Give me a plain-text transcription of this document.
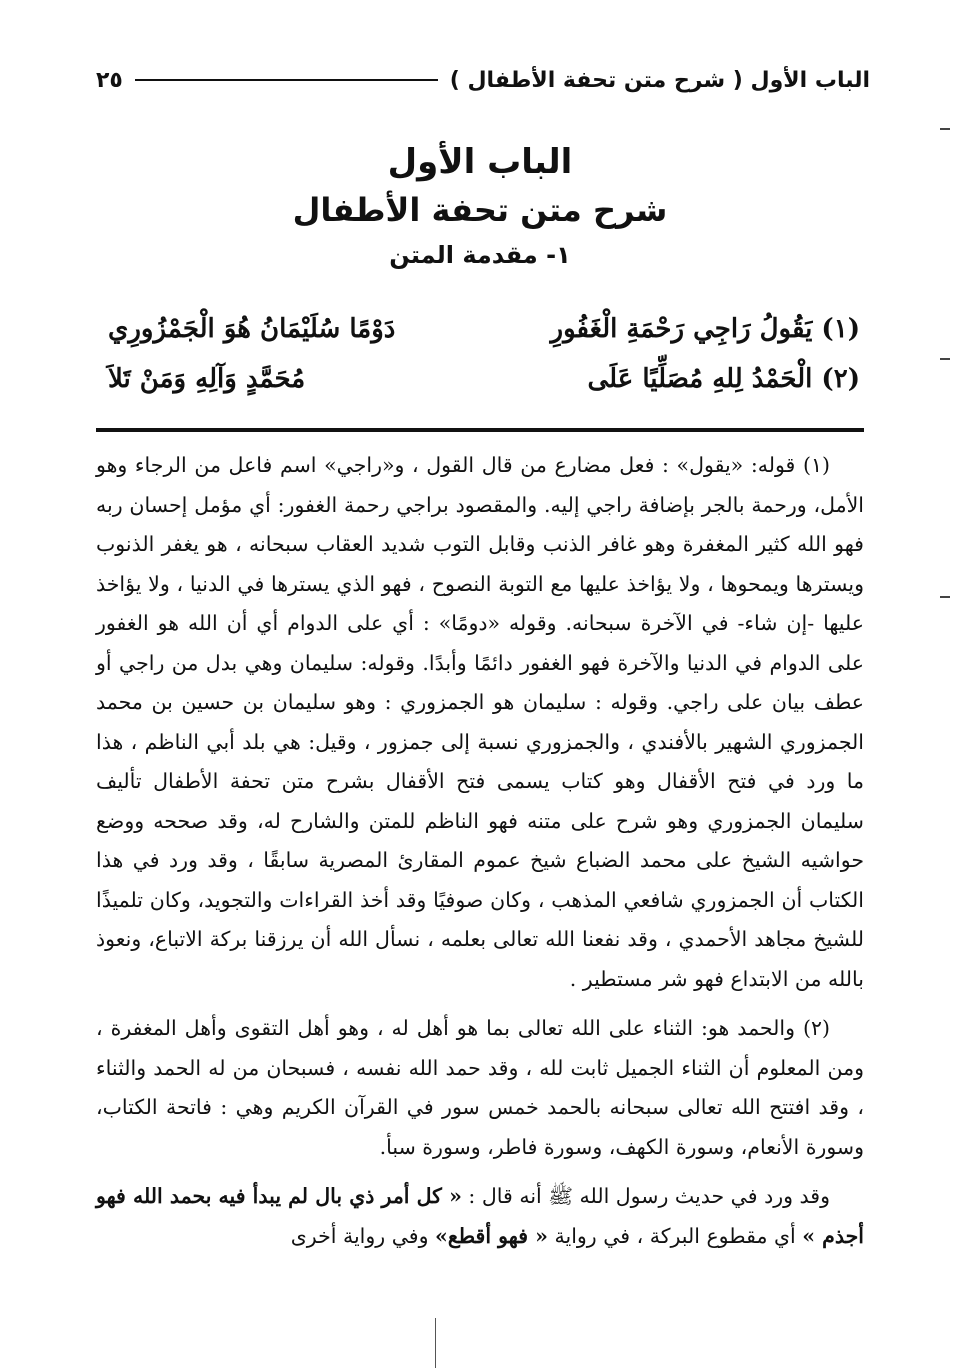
الباب الأول ( شرح متن تحفة الأطفال )
٢٥
الباب الأول
شرح متن تحفة الأطفال
١- مقدمة المتن
(١) يَقُولُ رَاجِي رَحْمَةِ الْغَفُورِ
دَوْمًا سُلَيْمَانُ هُوَ الْجَمْزُورِي
(٢) الْحَمْدُ لِلهِ مُصَلِّيًا عَلَى
مُحَمَّدٍ وَآلِهِ وَمَنْ تَلاَ

(١) قوله: «يقول» : فعل مضارع من قال القول ، و«راجي» اسم فاعل من الرجاء وهو الأمل، ورحمة بالجر بإضافة راجي إليه. والمقصود براجي رحمة الغفور: أي مؤمل إحسان ربه فهو الله كثير المغفرة وهو غافر الذنب وقابل التوب شديد العقاب سبحانه ، هو يغفر الذنوب ويسترها ويمحوها ، ولا يؤاخذ عليها مع التوبة النصوح ، فهو الذي يسترها في الدنيا ، ولا يؤاخذ عليها -إن شاء- في الآخرة سبحانه. وقوله «دومًا» : أي على الدوام أي أن الله هو الغفور على الدوام في الدنيا والآخرة فهو الغفور دائمًا وأبدًا. وقوله: سليمان وهي بدل من راجي أو عطف بيان على راجي. وقوله : سليمان هو الجمزوري : وهو سليمان بن حسين بن محمد الجمزوري الشهير بالأفندي ، والجمزوري نسبة إلى جمزور ، وقيل: هي بلد أبي الناظم ، هذا ما ورد في فتح الأقفال وهو كتاب يسمى فتح الأقفال بشرح متن تحفة الأطفال تأليف سليمان الجمزوري وهو شرح على متنه فهو الناظم للمتن والشارح له، وقد صححه ووضع حواشيه الشيخ على محمد الضباع شيخ عموم المقارئ المصرية سابقًا ، وقد ورد في هذا الكتاب أن الجمزوري شافعي المذهب ، وكان صوفيًا وقد أخذ القراءات والتجويد، وكان تلميذًا للشيخ مجاهد الأحمدي ، وقد نفعنا الله تعالى بعلمه ، نسأل الله أن يرزقنا بركة الاتباع، ونعوذ بالله من الابتداع فهو شر مستطير .

(٢) والحمد هو: الثناء على الله تعالى بما هو أهل له ، وهو أهل التقوى وأهل المغفرة ، ومن المعلوم أن الثناء الجميل ثابت لله ، وقد حمد الله نفسه ، فسبحان من له الحمد والثناء ، وقد افتتح الله تعالى سبحانه بالحمد خمس سور في القرآن الكريم وهي : فاتحة الكتاب، وسورة الأنعام، وسورة الكهف، وسورة فاطر، وسورة سبأ.

وقد ورد في حديث رسول الله ﷺ أنه قال : « كل أمر ذي بال لم يبدأ فيه بحمد الله فهو أجذم » أي مقطوع البركة ، في رواية « فهو أقطع» وفي رواية أخرى
